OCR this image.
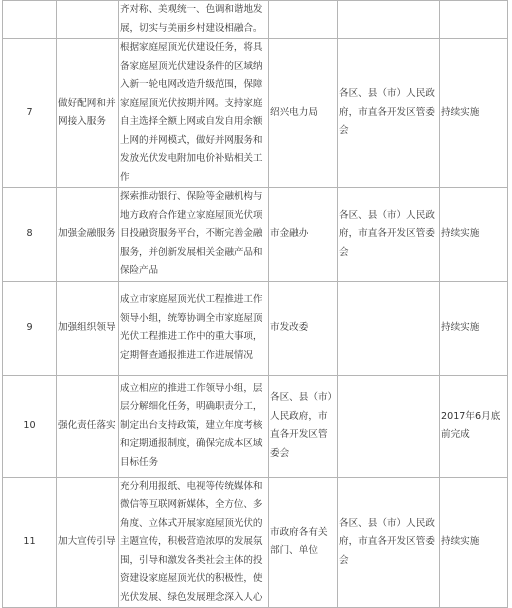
		齐对称、美观统一、色调和谐地发展，切实与美丽乡村建设相融合。			

7	做好配网和并网接入服务	根据家庭屋顶光伏建设任务，将具备家庭屋顶光伏建设条件的区域纳入新一轮电网改造升级范围，保障家庭屋顶光伏按期并网。支持家庭自主选择全额上网或自发自用余额上网的并网模式，做好并网服务和发放光伏发电附加电价补贴相关工作	绍兴电力局	各区、县（市）人民政府，市直各开发区管委会	持续实施
8	加强金融服务	探索推动银行、保险等金融机构与地方政府合作建立家庭屋顶光伏项目投融资服务平台，不断完善金融服务，并创新发展相关金融产品和保险产品	市金融办	各区、县（市）人民政府，市直各开发区管委会	持续实施
9	加强组织领导	成立市家庭屋顶光伏工程推进工作领导小组，统筹协调全市家庭屋顶光伏工程推进工作中的重大事项，定期督查通报推进工作进展情况	市发改委		持续实施
10	强化责任落实	成立相应的推进工作领导小组，层层分解细化任务，明确职责分工，制定出台支持政策，建立年度考核和定期通报制度，确保完成本区域目标任务	各区、县（市）人民政府，市直各开发区管委会		2017年6月底前完成
11	加大宣传引导	充分利用报纸、电视等传统媒体和微信等互联网新媒体，全方位、多角度、立体式开展家庭屋顶光伏的主题宣传，积极营造浓厚的发展氛围，引导和激发各类社会主体的投资建设家庭屋顶光伏的积极性，使光伏发展、绿色发展理念深入人心	市政府各有关部门、单位	各区、县（市）人民政府，市直各开发区管委会	持续实施
